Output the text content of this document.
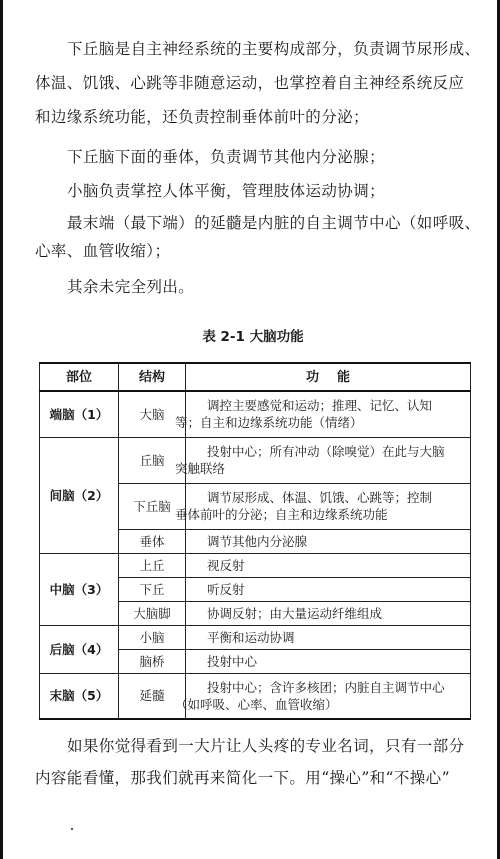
下丘脑是自主神经系统的主要构成部分，负责调节尿形成、
体温、饥饿、心跳等非随意运动，也掌控着自主神经系统反应
和边缘系统功能，还负责控制垂体前叶的分泌；
下丘脑下面的垂体，负责调节其他内分泌腺；
小脑负责掌控人体平衡，管理肢体运动协调；
最末端（最下端）的延髓是内脏的自主调节中心（如呼吸、
心率、血管收缩）；
其余未完全列出。
表 2-1 大脑功能
部位	结构	功    能
端脑（1）	大脑	调控主要感觉和运动；推理、记忆、认知
等；自主和边缘系统功能（情绪）
间脑（2）	丘脑	投射中心；所有冲动（除嗅觉）在此与大脑
突触联络
	下丘脑	调节尿形成、体温、饥饿、心跳等；控制
垂体前叶的分泌；自主和边缘系统功能
	垂体	调节其他内分泌腺
中脑（3）	上丘	视反射
	下丘	听反射
	大脑脚	协调反射；由大量运动纤维组成
后脑（4）	小脑	平衡和运动协调
	脑桥	投射中心
末脑（5）	延髓	投射中心；含许多核团；内脏自主调节中心
（如呼吸、心率、血管收缩）
如果你觉得看到一大片让人头疼的专业名词，只有一部分
内容能看懂，那我们就再来简化一下。用“操心”和“不操心”
